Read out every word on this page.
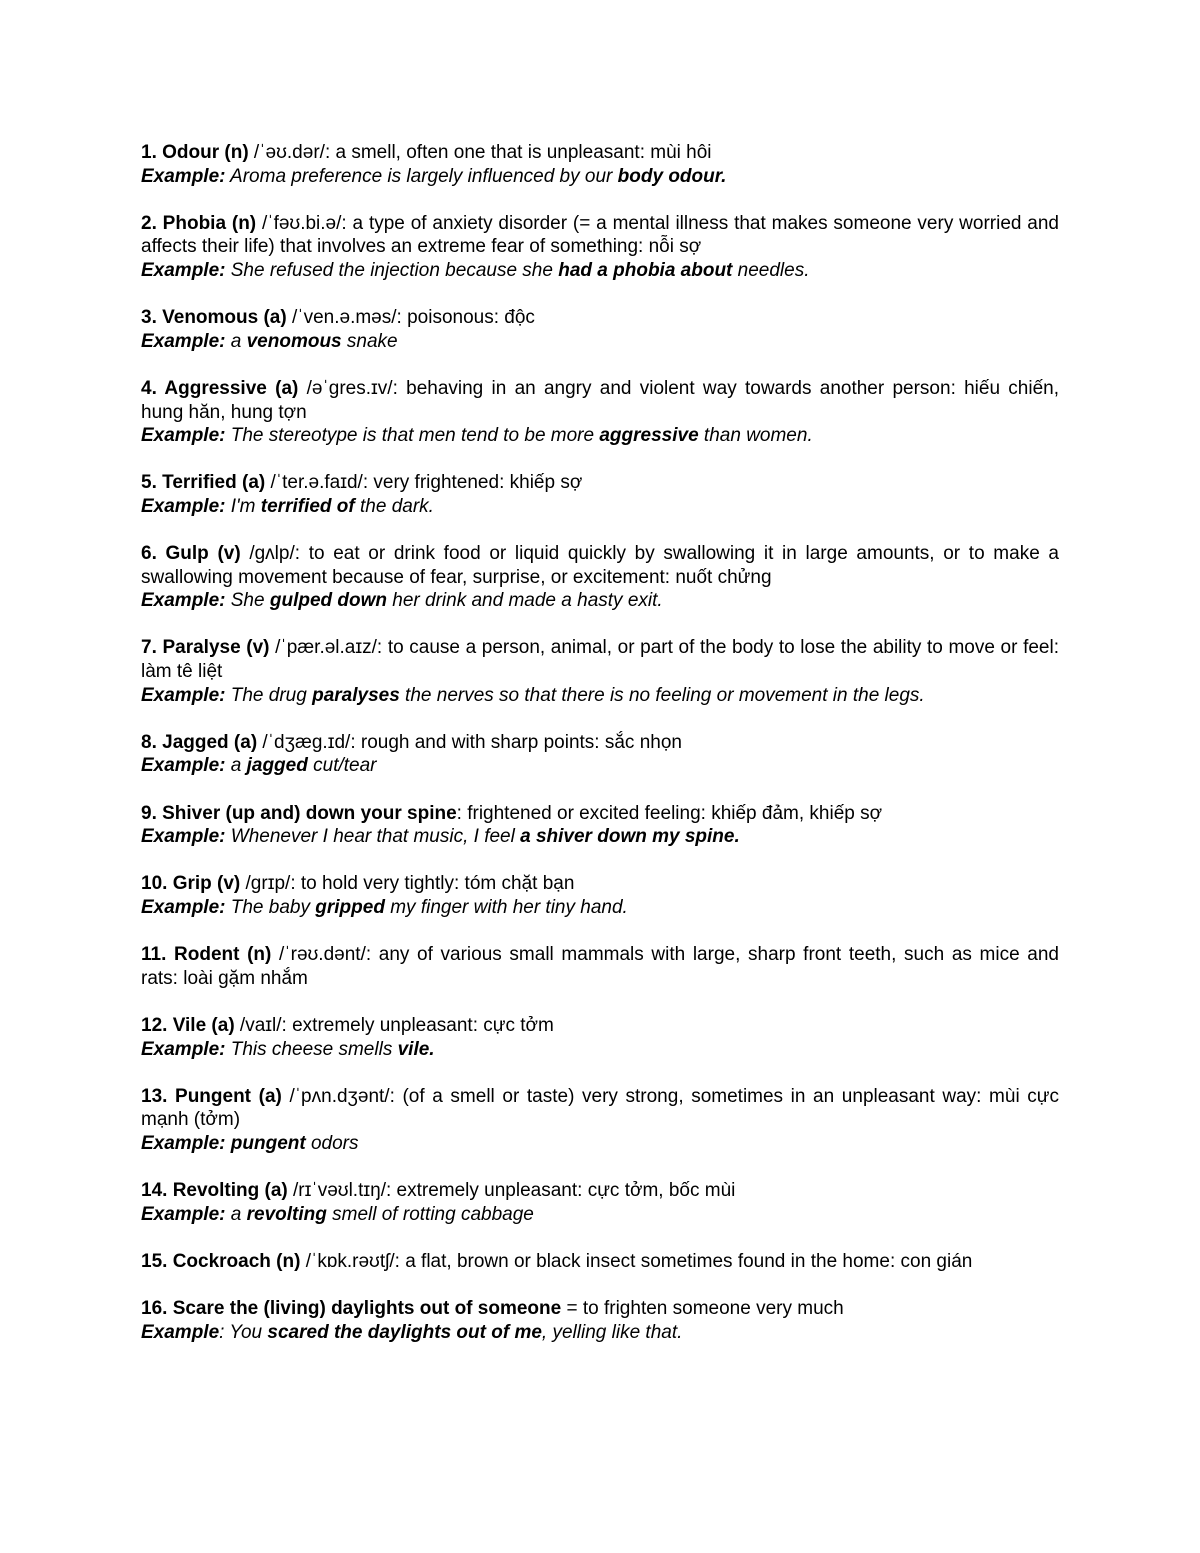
1. Odour (n) /ˈəʊ.dər/: a smell, often one that is unpleasant: mùi hôi

Example: Aroma preference is largely influenced by our body odour.

2. Phobia (n) /ˈfəʊ.bi.ə/: a type of anxiety disorder (= a mental illness that makes someone very worried and affects their life) that involves an extreme fear of something: nỗi sợ

Example: She refused the injection because she had a phobia about needles.

3. Venomous (a) /ˈven.ə.məs/: poisonous: độc

Example: a venomous snake

4. Aggressive (a) /əˈɡres.ɪv/: behaving in an angry and violent way towards another person: hiếu chiến, hung hăn, hung tợn

Example: The stereotype is that men tend to be more aggressive than women.

5. Terrified (a) /ˈter.ə.faɪd/: very frightened: khiếp sợ

Example: I'm terrified of the dark.

6. Gulp (v) /ɡʌlp/: to eat or drink food or liquid quickly by swallowing it in large amounts, or to make a swallowing movement because of fear, surprise, or excitement: nuốt chửng

Example: She gulped down her drink and made a hasty exit.

7. Paralyse (v) /ˈpær.əl.aɪz/: to cause a person, animal, or part of the body to lose the ability to move or feel: làm tê liệt

Example: The drug paralyses the nerves so that there is no feeling or movement in the legs.

8. Jagged (a) /ˈdʒæɡ.ɪd/: rough and with sharp points: sắc nhọn

Example: a jagged cut/tear

9. Shiver (up and) down your spine: frightened or excited feeling: khiếp đảm, khiếp sợ

Example: Whenever I hear that music, I feel a shiver down my spine.

10. Grip (v) /ɡrɪp/: to hold very tightly: tóm chặt bạn

Example: The baby gripped my finger with her tiny hand.

11. Rodent (n) /ˈrəʊ.dənt/: any of various small mammals with large, sharp front teeth, such as mice and rats: loài gặm nhắm

12. Vile (a) /vaɪl/: extremely unpleasant: cực tởm

Example: This cheese smells vile.

13. Pungent (a) /ˈpʌn.dʒənt/: (of a smell or taste) very strong, sometimes in an unpleasant way: mùi cực mạnh (tởm)

Example: pungent odors

14. Revolting (a) /rɪˈvəʊl.tɪŋ/: extremely unpleasant: cực tởm, bốc mùi

Example: a revolting smell of rotting cabbage

15. Cockroach (n) /ˈkɒk.rəʊtʃ/: a flat, brown or black insect sometimes found in the home: con gián

16. Scare the (living) daylights out of someone = to frighten someone very much

Example: You scared the daylights out of me, yelling like that.
